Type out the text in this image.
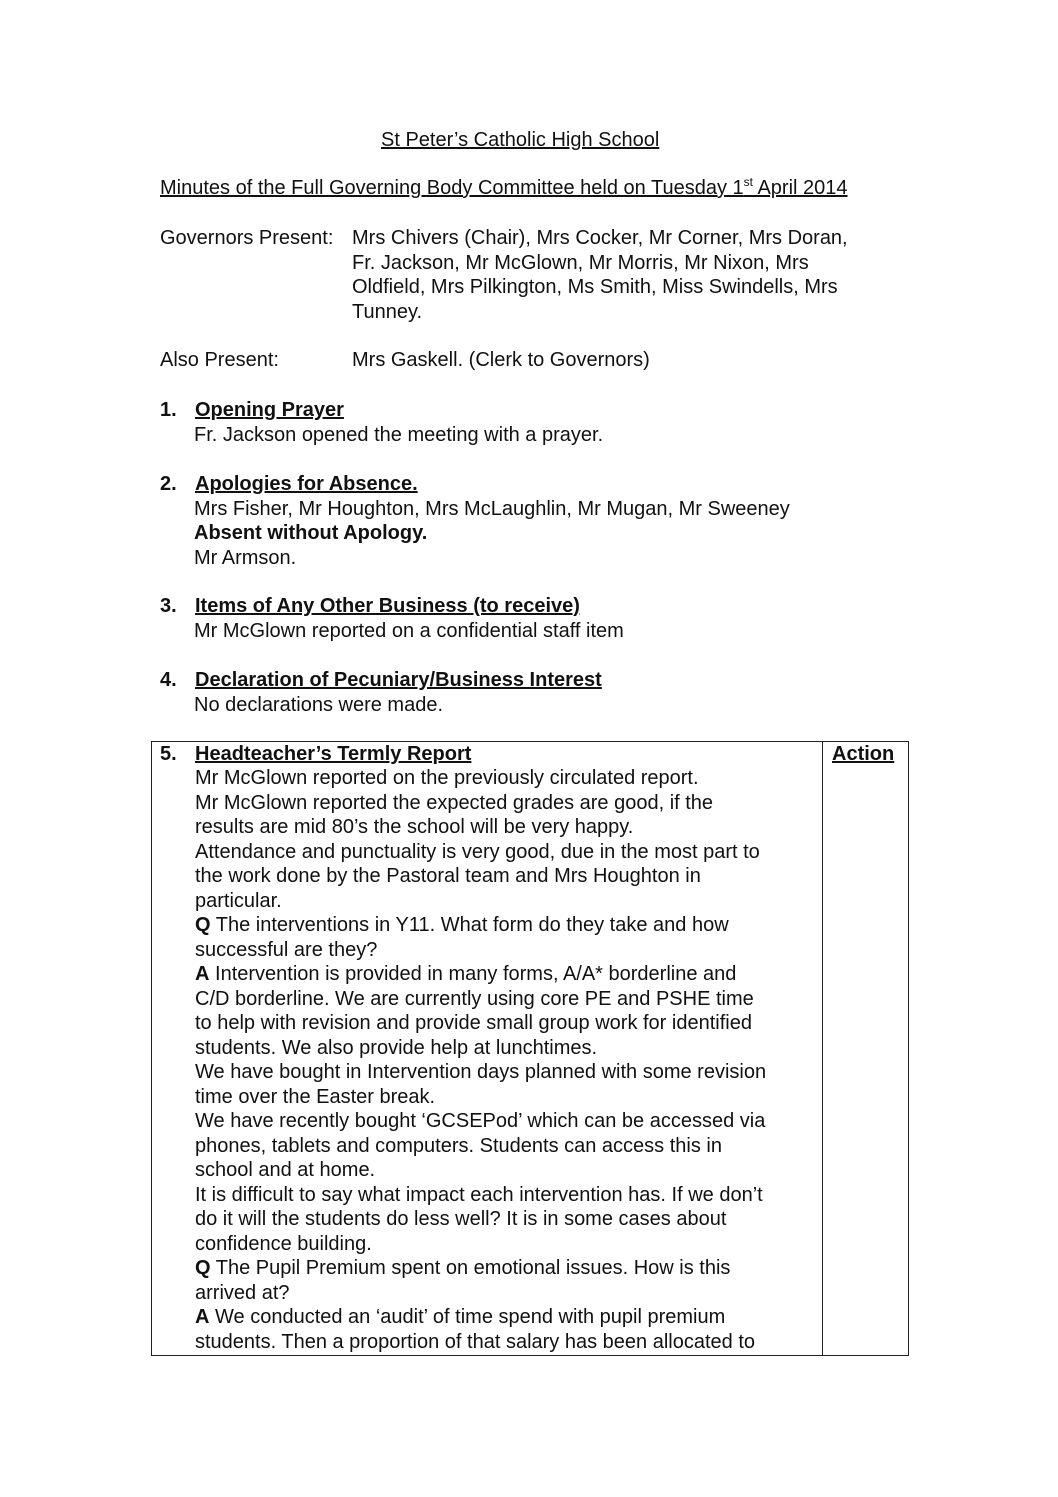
St Peter’s Catholic High School
Minutes of the Full Governing Body Committee held on Tuesday 1st April 2014
Governors Present: Mrs Chivers (Chair), Mrs Cocker, Mr Corner, Mrs Doran,
Fr. Jackson, Mr McGlown, Mr Morris, Mr Nixon, Mrs
Oldfield, Mrs Pilkington, Ms Smith, Miss Swindells, Mrs
Tunney.
Also Present:	Mrs Gaskell. (Clerk to Governors)
1. Opening Prayer
Fr. Jackson opened the meeting with a prayer.
2. Apologies for Absence.
Mrs Fisher, Mr Houghton, Mrs McLaughlin, Mr Mugan, Mr Sweeney
Absent without Apology.
Mr Armson.
3. Items of Any Other Business (to receive)
Mr McGlown reported on a confidential staff item
4. Declaration of Pecuniary/Business Interest
No declarations were made.
5. Headteacher’s Termly Report	Action
Mr McGlown reported on the previously circulated report.
Mr McGlown reported the expected grades are good, if the
results are mid 80’s the school will be very happy.
Attendance and punctuality is very good, due in the most part to
the work done by the Pastoral team and Mrs Houghton in
particular.
Q The interventions in Y11. What form do they take and how
successful are they?
A Intervention is provided in many forms, A/A* borderline and
C/D borderline. We are currently using core PE and PSHE time
to help with revision and provide small group work for identified
students. We also provide help at lunchtimes.
We have bought in Intervention days planned with some revision
time over the Easter break.
We have recently bought ‘GCSEPod’ which can be accessed via
phones, tablets and computers. Students can access this in
school and at home.
It is difficult to say what impact each intervention has. If we don’t
do it will the students do less well? It is in some cases about
confidence building.
Q The Pupil Premium spent on emotional issues. How is this
arrived at?
A We conducted an ‘audit’ of time spend with pupil premium
students. Then a proportion of that salary has been allocated to
